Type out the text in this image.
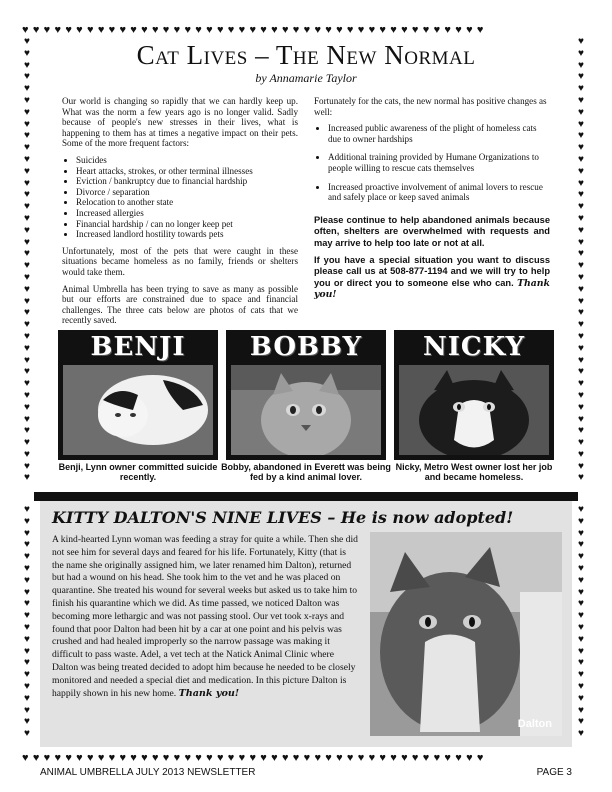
♥♥♥♥♥♥♥♥♥♥♥♥♥♥♥♥♥♥♥♥♥♥♥♥♥♥♥♥♥♥♥♥♥♥♥♥♥♥♥♥♥♥♥
♥♥♥♥♥♥♥♥♥♥♥♥♥♥♥♥♥♥♥♥♥♥♥♥♥♥♥♥♥♥♥♥♥♥♥♥♥♥♥♥♥♥♥
♥
♥
♥
♥
♥
♥
♥
♥
♥
♥
♥
♥
♥
♥
♥
♥
♥
♥
♥
♥
♥
♥
♥
♥
♥
♥
♥
♥
♥
♥
♥
♥
♥
♥
♥
♥
♥
♥
♥
♥
♥
♥
♥
♥
♥
♥
♥
♥
♥
♥
♥
♥
♥
♥
♥
♥
♥
♥
♥
♥
♥
♥
♥
♥
♥
♥
♥
♥
♥
♥
♥
♥
♥
♥
♥
♥
♥
♥
♥
♥
♥
♥
♥
♥
♥
♥
♥
♥
♥
♥
♥
♥
♥
♥
♥
♥
♥
♥
♥
♥
♥
♥
♥
♥
♥
♥
♥
♥
♥
♥
♥
♥
♥
♥
♥
♥
Cat Lives – The New Normal
by Annamarie Taylor

Our world is changing so rapidly that we can hardly keep up. What was the norm a few years ago is no longer valid. Sadly because of people's new stresses in their lives, what is happening to them has at times a negative impact on their pets. Some of the more frequent factors:

• Suicides
• Heart attacks, strokes, or other terminal illnesses
• Eviction / bankruptcy due to financial hardship
• Divorce / separation
• Relocation to another state
• Increased allergies
• Financial hardship / can no longer keep pet
• Increased landlord hostility towards pets

Unfortunately, most of the pets that were caught in these situations became homeless as no family, friends or shelters would take them.

Animal Umbrella has been trying to save as many as possible but our efforts are constrained due to space and financial challenges. The three cats below are photos of cats that we recently saved.

Fortunately for the cats, the new normal has positive changes as well:

• Increased public awareness of the plight of homeless cats due to owner hardships
• Additional training provided by Humane Organizations to people willing to rescue cats themselves
• Increased proactive involvement of animal lovers to rescue and safely place or keep saved animals

Please continue to help abandoned animals because often, shelters are overwhelmed with requests and may arrive to help too late or not at all.

If you have a special situation you want to discuss please call us at 508-877-1194 and we will try to help you or direct you to someone else who can. Thank you!

BENJI	BOBBY	NICKY
Benji, Lynn owner committed suicide recently.
Bobby, abandoned in Everett was being fed by a kind animal lover.
Nicky, Metro West owner lost her job and became homeless.
KITTY DALTON'S NINE LIVES – He is now adopted!
A kind-hearted Lynn woman was feeding a stray for quite a while. Then she did not see him for several days and feared for his life. Fortunately, Kitty (that is the name she originally assigned him, we later renamed him Dalton), returned but had a wound on his head. She took him to the vet and he was placed on quarantine. She treated his wound for several weeks but asked us to take him to finish his quarantine which we did. As time passed, we noticed Dalton was becoming more lethargic and was not passing stool. Our vet took x-rays and found that poor Dalton had been hit by a car at one point and his pelvis was crushed and had healed improperly so the narrow passage was making it difficult to pass waste. Adel, a vet tech at the Natick Animal Clinic where Dalton was being treated decided to adopt him because he needed to be closely monitored and needed a special diet and medication. In this picture Dalton is happily shown in his new home. Thank you!
Dalton
ANIMAL UMBRELLA JULY 2013 NEWSLETTER	PAGE 3
